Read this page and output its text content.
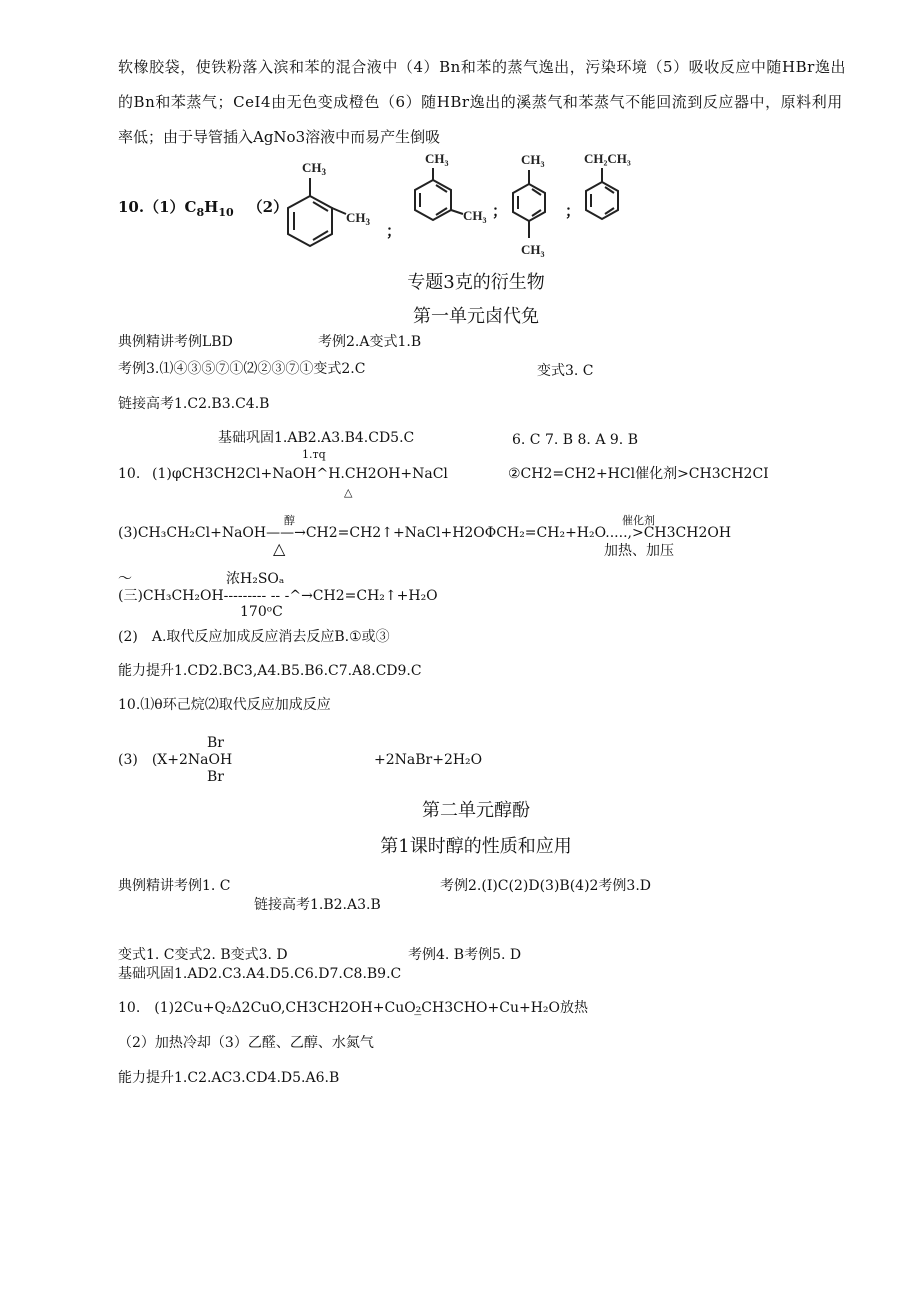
软橡胶袋，使铁粉落入滨和苯的混合液中（4）Bn和苯的蒸气逸出，污染环境（5）吸收反应中随HBr逸出
的Bn和苯蒸气；CeI4由无色变成橙色（6）随HBr逸出的溪蒸气和苯蒸气不能回流到反应器中，原料利用
率低；由于导管插入AgNo3溶液中而易产生倒吸
$10.(1)C_8H_{10}$ （2）
$CH_3$
$CH_3$ ；
$CH_3$
$CH_3$
；
$CH_3$
$CH_3$
；
CH₂CH₃
专题3克的衍生物
第一单元卤代免
典例精讲考例LBD	考例2.A变式1.B
考例3.⑴④③⑤⑦①⑵②③⑦①变式2.C	变式3. C
链接高考1.C2.B3.C4.B
基础巩固1.AB2.A3.B4.CD5.C	6. C 7. B 8. A 9. B
1.тq
10. (1)φCH3CH2Cl+NaOH^H.CH2OH+NaCl	②CH2=CH2+HCl催化剂>CH3CH2CI
△
醇	催化剂
(3)CH₃CH₂Cl+NaOH——→CH2=CH2↑+NaCl+H2OΦCH₂=CH₂+H₂O.....,>CH3CH2OH
△	加热、加压
～	浓H₂SOₐ
(三)CH₃CH₂OH--------- -- -^→CH2=CH₂↑+H₂O
170ᵒC
(2)　A.取代反应加成反应消去反应B.①或③
能力提升1.CD2.BC3,A4.B5.B6.C7.A8.CD9.C
10.⑴θ环己烷⑵取代反应加成反应
Br
(3)　(X+2NaOH	+2NaBr+2H₂O
Br
第二单元醇酚
第1课时醇的性质和应用
典例精讲考例1. C	考例2.(I)C(2)D(3)B(4)2考例3.D
链接高考1.B2.A3.B
变式1. C变式2. B变式3. D	考例4. B考例5. D
基础巩固1.AD2.C3.A4.D5.C6.D7.C8.B9.C
10.　(1)2Cu+Q₂Δ2CuO,CH3CH2OH+CuO₂̲CH3CHO+Cu+H₂O放热
（2）加热冷却（3）乙醛、乙醇、水氮气
能力提升1.C2.AC3.CD4.D5.A6.B
